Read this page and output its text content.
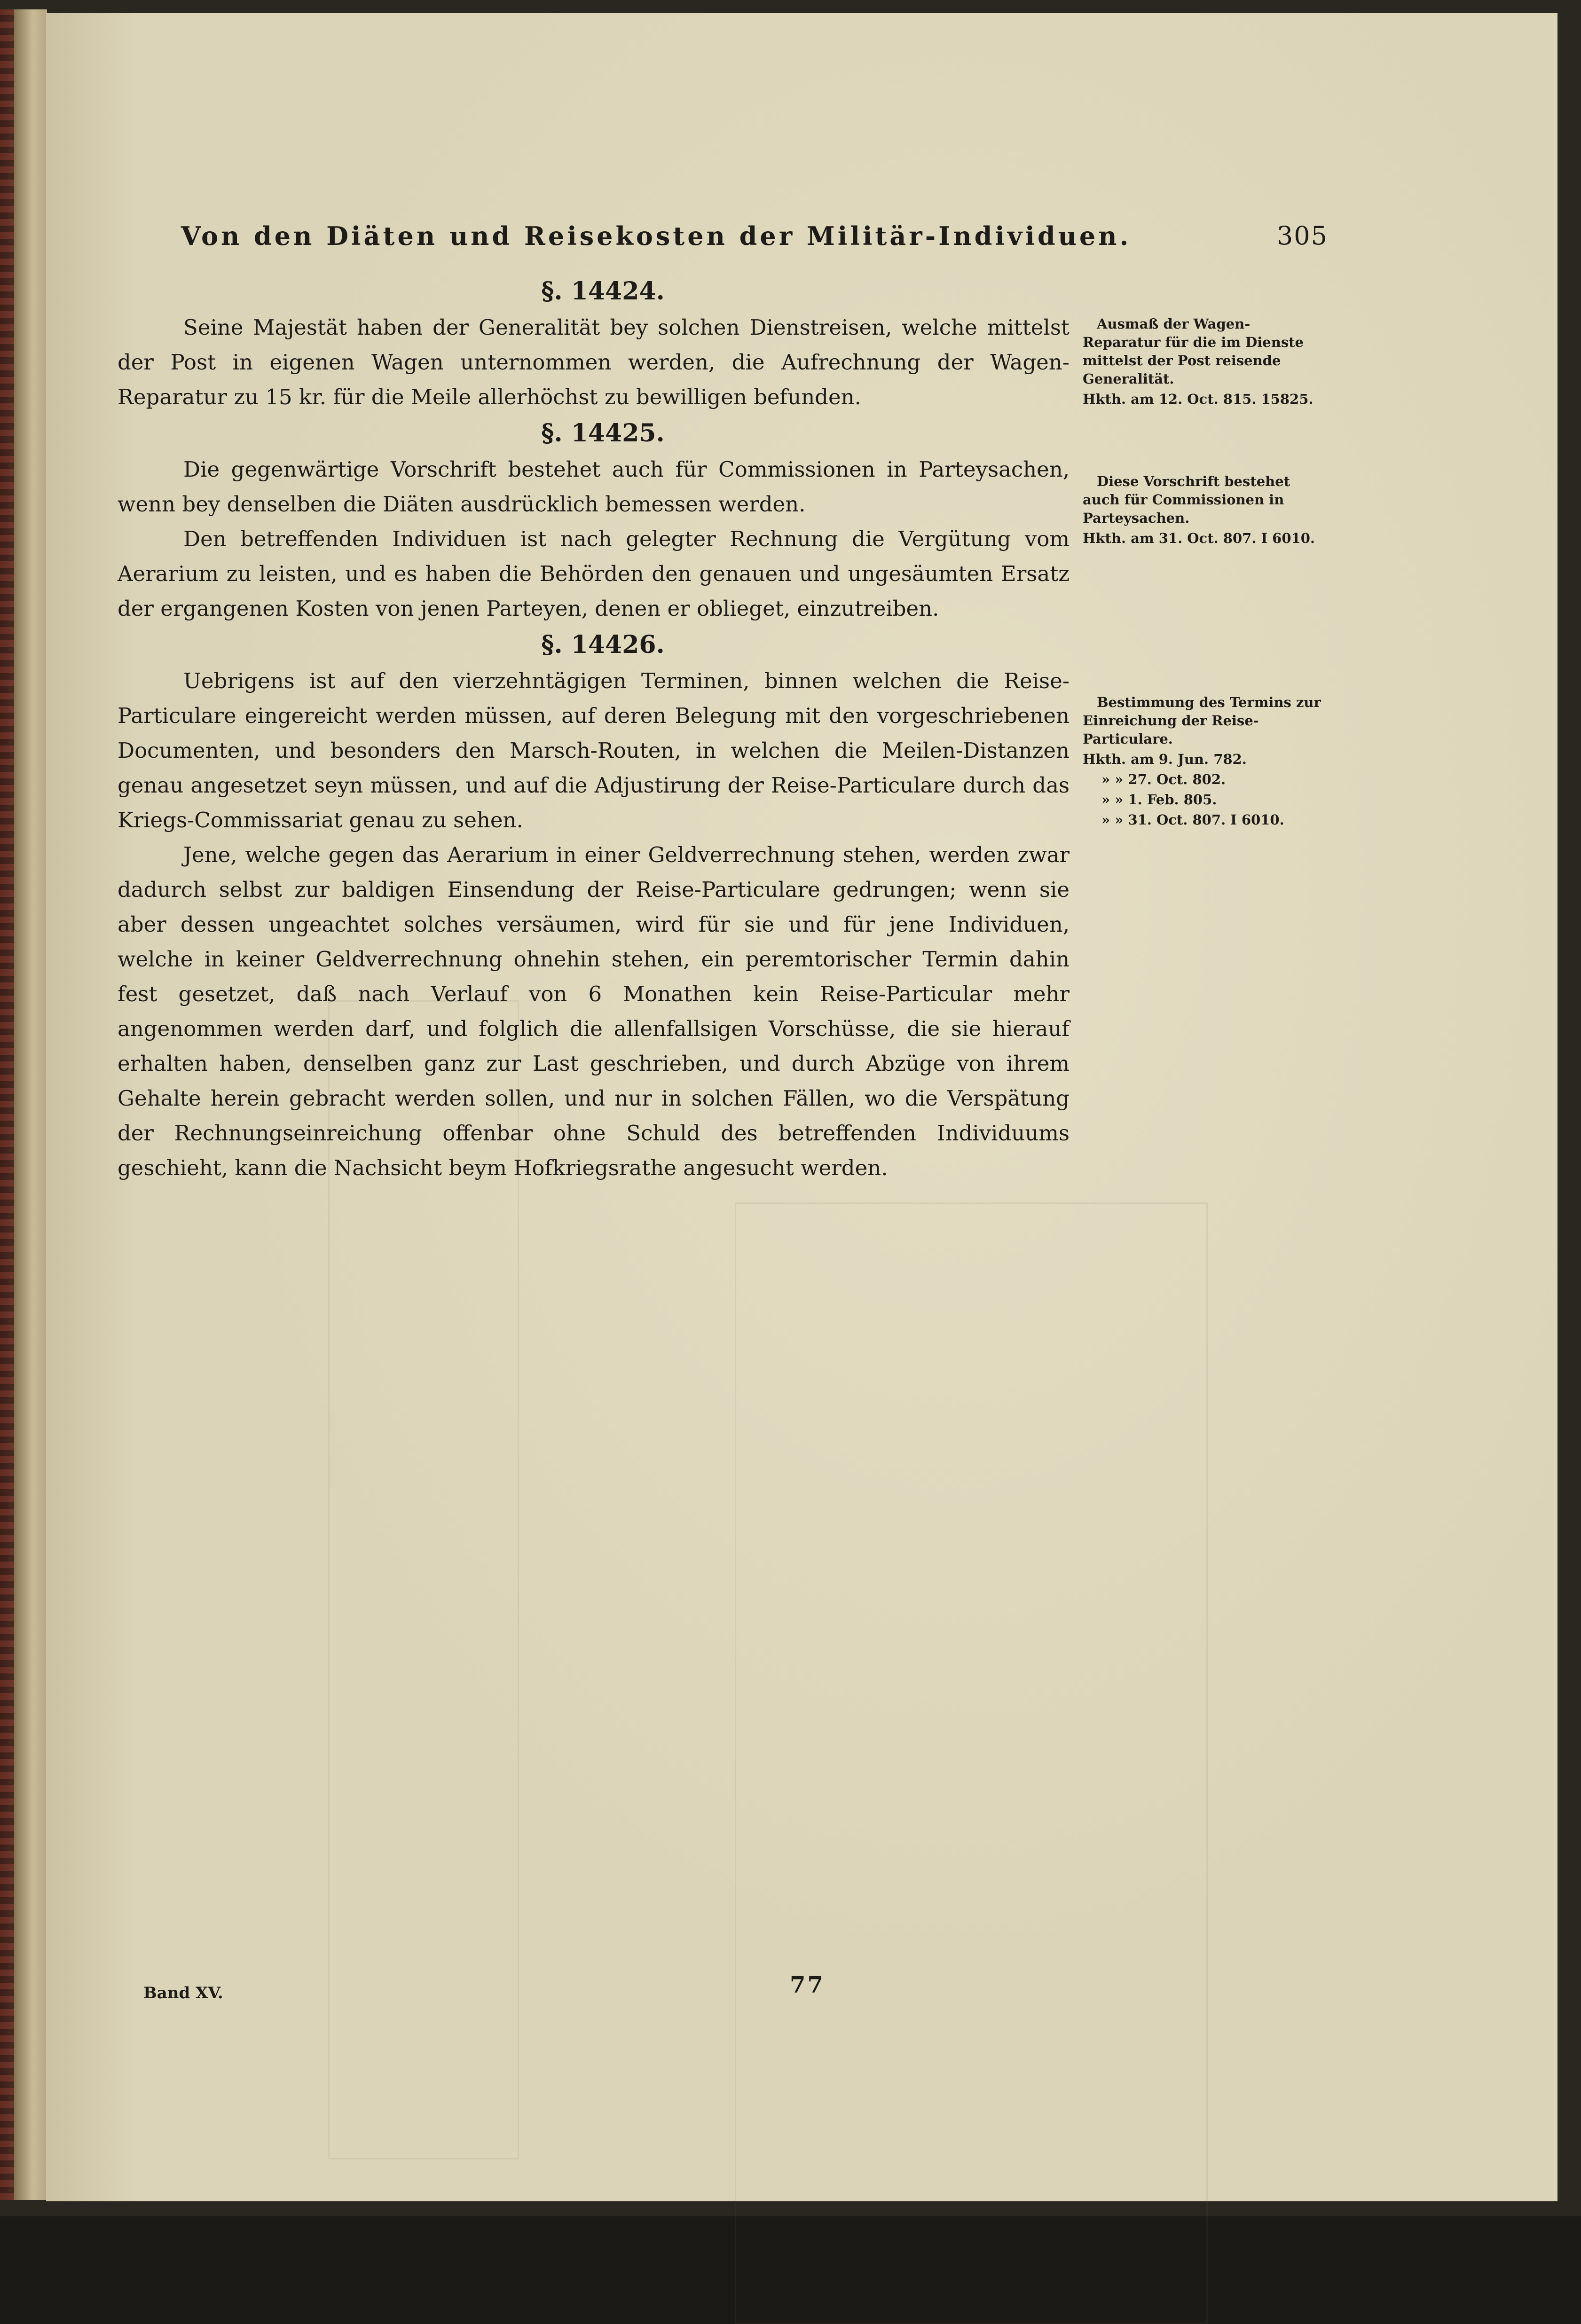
Von den Diäten und Reisekosten der Militär-Individuen.	305
§. 14424.

Seine Majestät haben der Generalität bey solchen Dienstreisen, welche mittelst der Post in eigenen Wagen unternommen werden, die Aufrechnung der Wagen-Reparatur zu 15 kr. für die Meile allerhöchst zu bewilligen befunden.

§. 14425.

Die gegenwärtige Vorschrift bestehet auch für Commissionen in Parteysachen, wenn bey denselben die Diäten ausdrücklich bemessen werden.

Den betreffenden Individuen ist nach gelegter Rechnung die Vergütung vom Aerarium zu leisten, und es haben die Behörden den genauen und ungesäumten Ersatz der ergangenen Kosten von jenen Parteyen, denen er oblieget, einzutreiben.

§. 14426.

Uebrigens ist auf den vierzehntägigen Terminen, binnen welchen die Reise-Particulare eingereicht werden müssen, auf deren Belegung mit den vorgeschriebenen Documenten, und besonders den Marsch-Routen, in welchen die Meilen-Distanzen genau angesetzet seyn müssen, und auf die Adjustirung der Reise-Particulare durch das Kriegs-Commissariat genau zu sehen.

Jene, welche gegen das Aerarium in einer Geldverrechnung stehen, werden zwar dadurch selbst zur baldigen Einsendung der Reise-Particulare gedrungen; wenn sie aber dessen ungeachtet solches versäumen, wird für sie und für jene Individuen, welche in keiner Geldverrechnung ohnehin stehen, ein peremtorischer Termin dahin fest gesetzet, daß nach Verlauf von 6 Monathen kein Reise-Particular mehr angenommen werden darf, und folglich die allenfallsigen Vorschüsse, die sie hierauf erhalten haben, denselben ganz zur Last geschrieben, und durch Abzüge von ihrem Gehalte herein gebracht werden sollen, und nur in solchen Fällen, wo die Verspätung der Rechnungseinreichung offenbar ohne Schuld des betreffenden Individuums geschieht, kann die Nachsicht beym Hofkriegsrathe angesucht werden.

Ausmaß der Wagen-Reparatur für die im Dienste mittelst der Post reisende Generalität.
Hkth. am 12. Oct. 815. 15825.
Diese Vorschrift bestehet auch für Commissionen in Parteysachen.
Hkth. am 31. Oct. 807. I 6010.
Bestimmung des Termins zur Einreichung der Reise-Particulare.
Hkth. am 9. Jun. 782.
» » 27. Oct. 802.
» » 1. Feb. 805.
» » 31. Oct. 807. I 6010.
Band XV.	77
